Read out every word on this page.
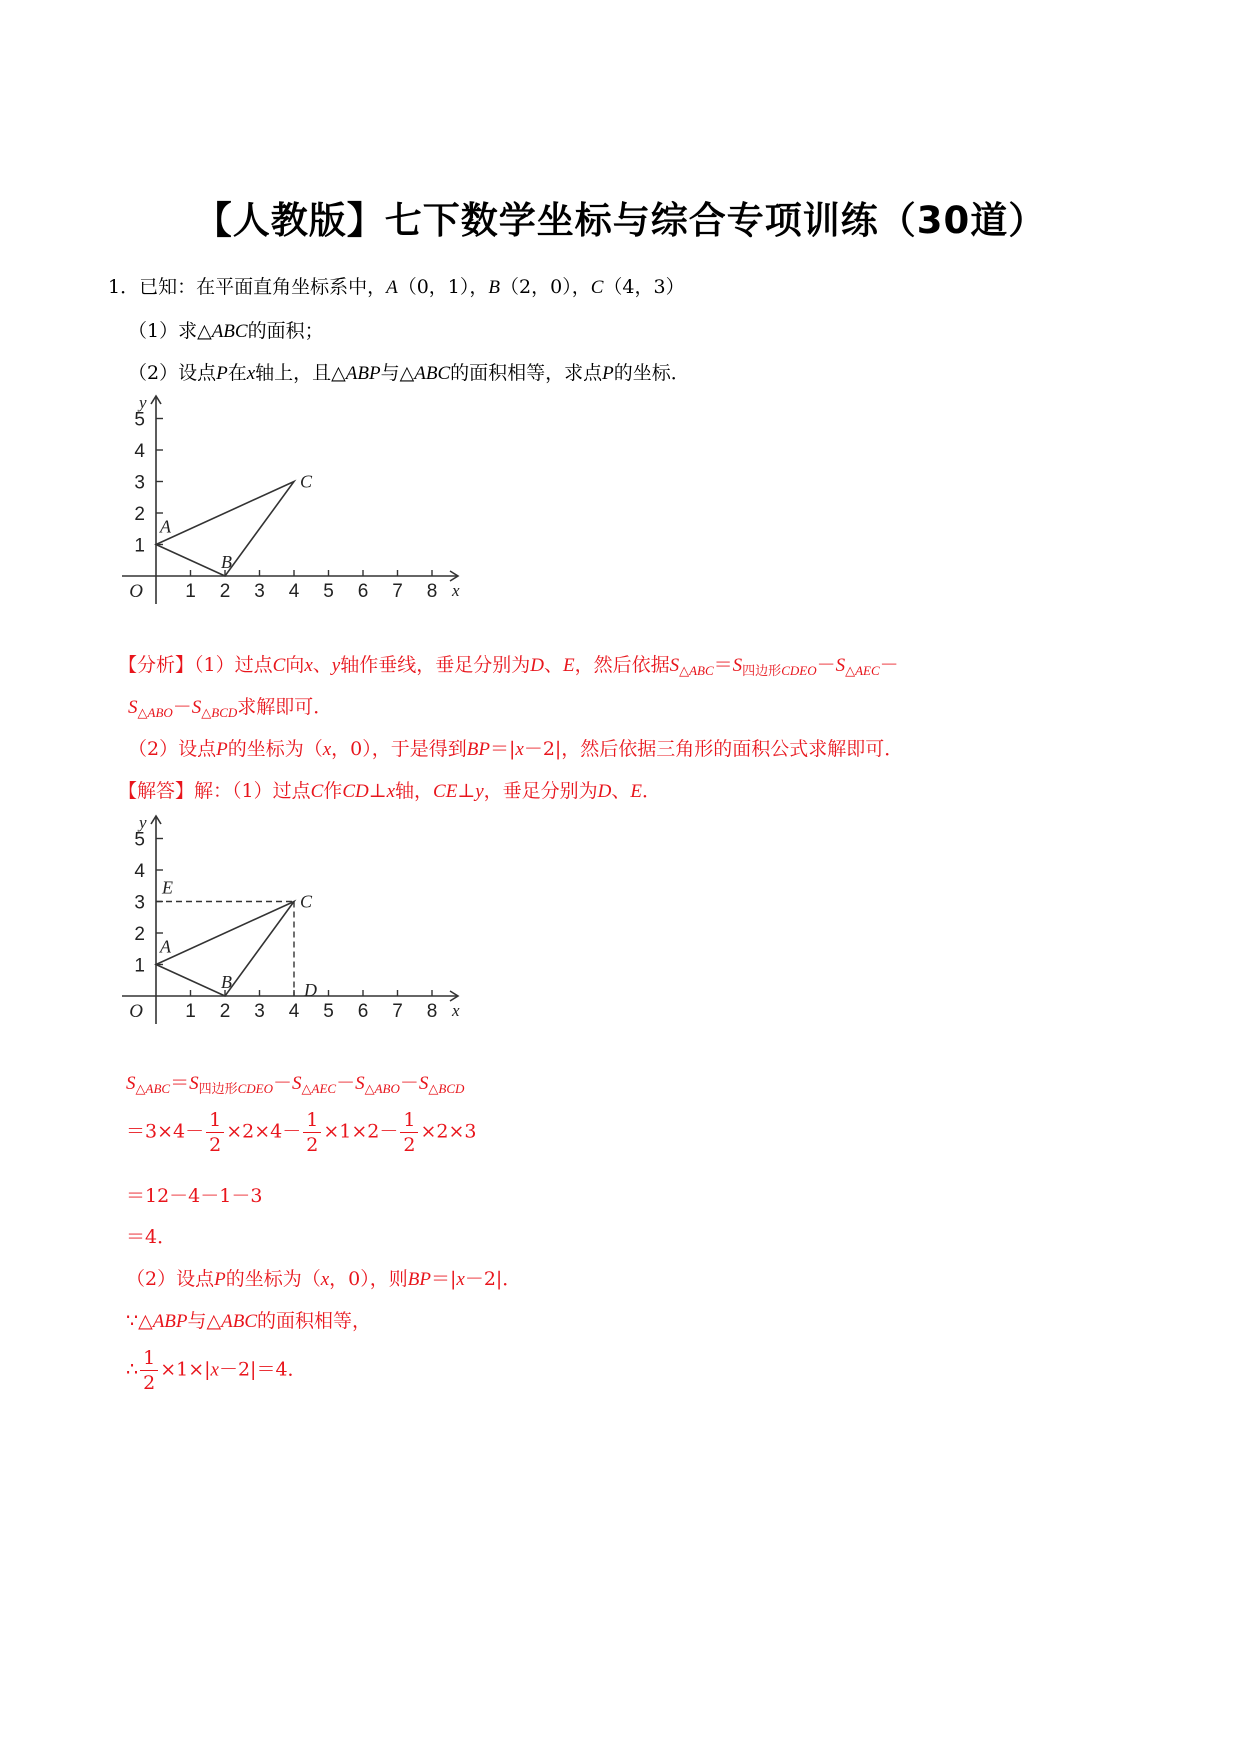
【人教版】七下数学坐标与综合专项训练（30道）
1．已知：在平面直角坐标系中，A（0，1），B（2，0），C（4，3）
（1）求△ABC的面积；
（2）设点P在x轴上，且△ABP与△ABC的面积相等，求点P的坐标．
1 2 3 4 5 6 7 8
1
2
3
4
5
O	x
y
A
B
C
【分析】（1）过点C向x、y轴作垂线，垂足分别为D、E，然后依据$S_{\triangle ABC}=S_{四边形CDEO}-S_{\triangle AEC}-$
$S_{\triangle ABO}-S_{\triangle BCD}$求解即可．
（2）设点P的坐标为（x，0），于是得到BP＝|x－2|，然后依据三角形的面积公式求解即可．
【解答】解：（1）过点C作CD⊥x轴，CE⊥y，垂足分别为D、E．
1 2 3 4 5 6 7 8
1
2
3
4
5
O	x
y
A
B
C
E
D
$S_{\triangle ABC}=S_{四边形CDEO}-S_{\triangle AEC}-S_{\triangle ABO}-S_{\triangle BCD}$
$=3\times 4- \frac{1}{2} \times 2\times 4- \frac{1}{2} \times 1\times 2- \frac{1}{2} \times 2\times 3$
＝12－4－1－3
＝4．
（2）设点P的坐标为（x，0），则BP＝|x－2|．
∵△ABP与△ABC的面积相等，
∴ $\frac{1}{2} \times 1\times|x-2|=4$．
